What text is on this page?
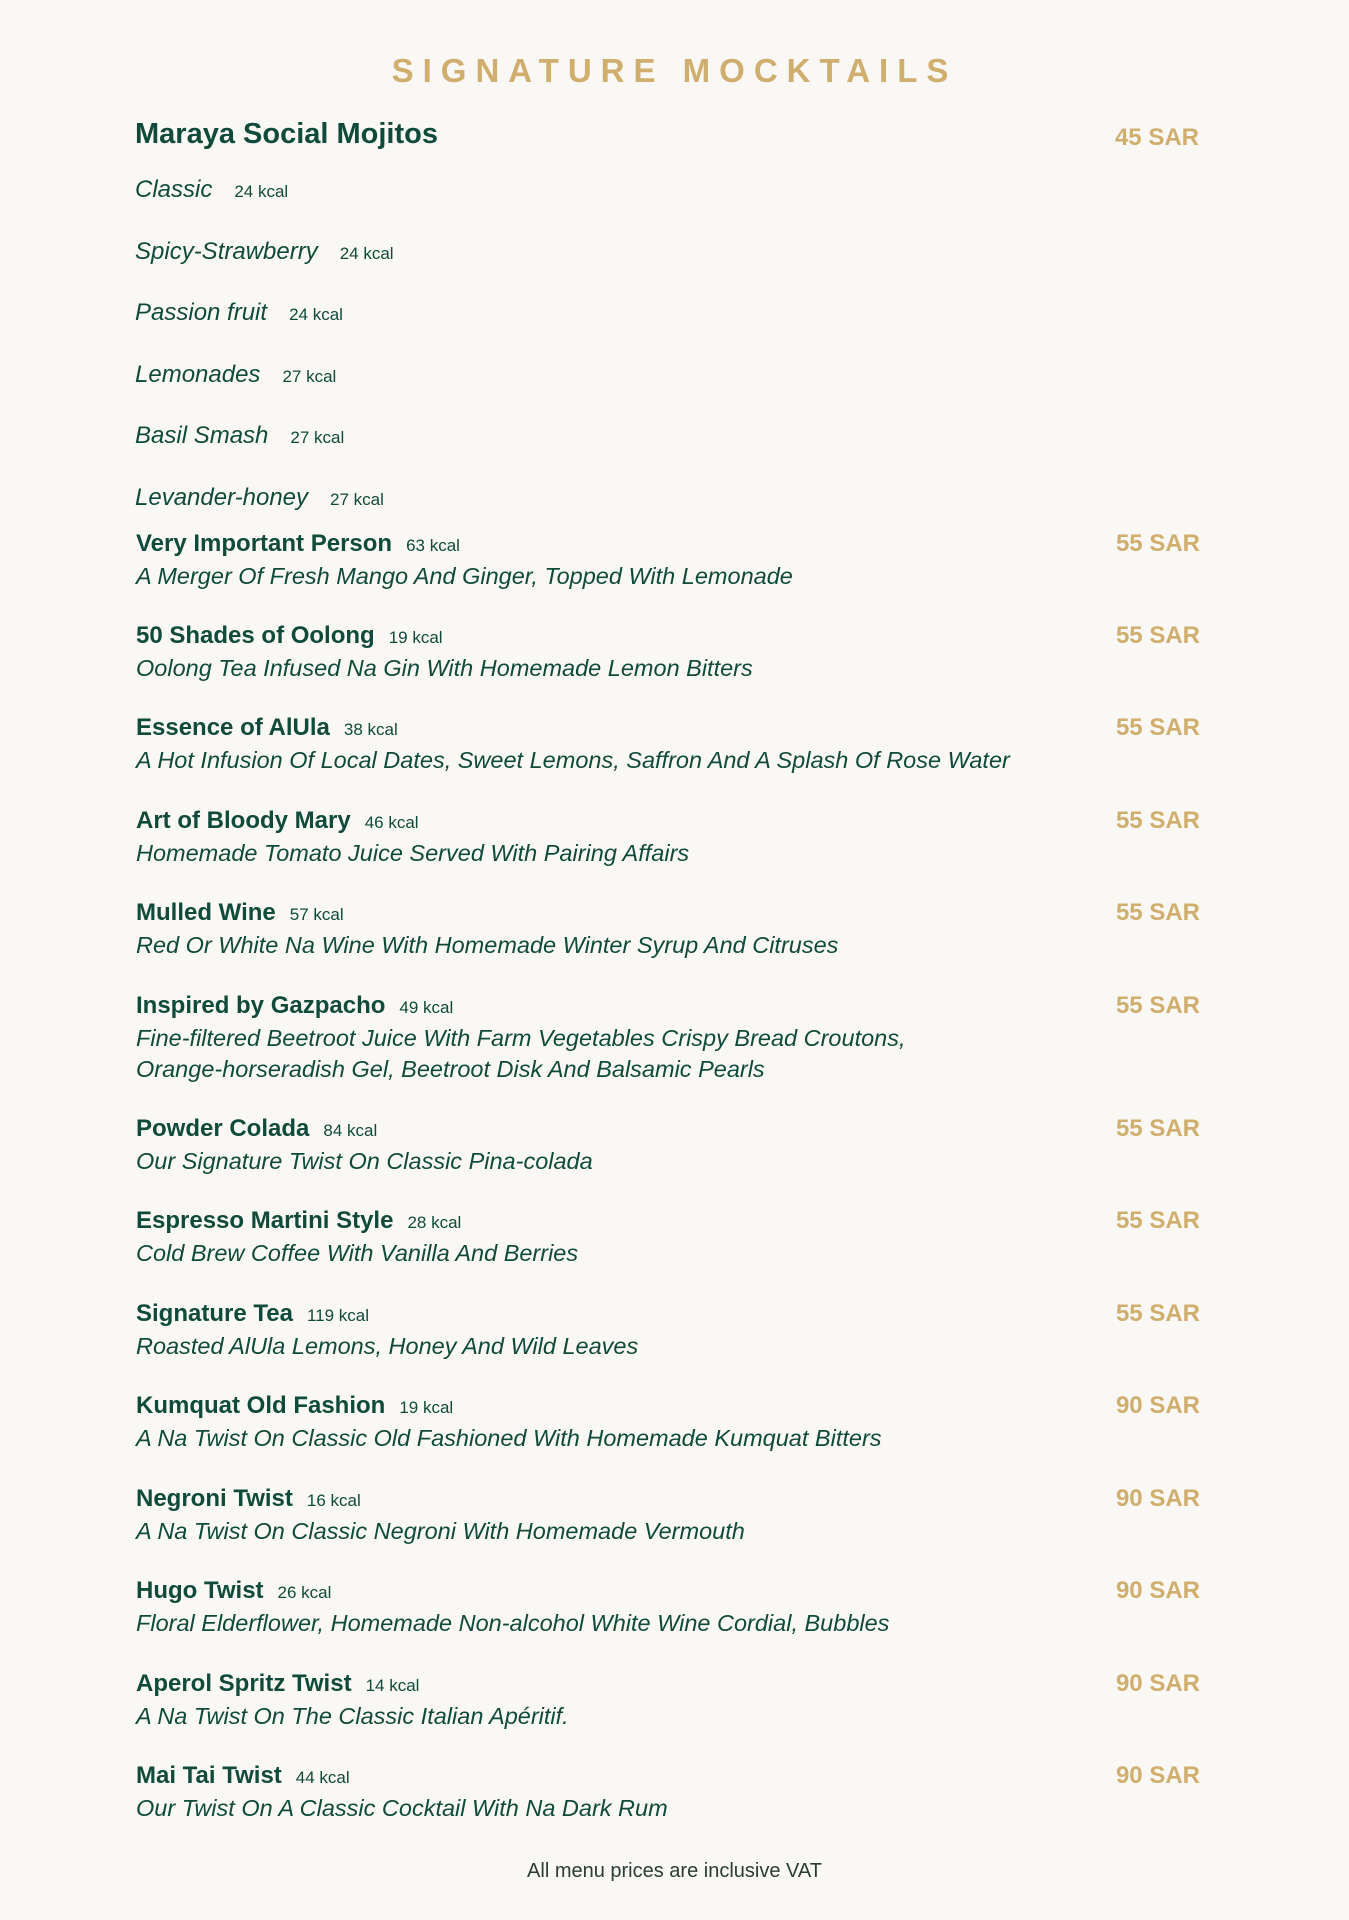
SIGNATURE MOCKTAILS
Maraya Social Mojitos	45 SAR
Classic 24 kcal
Spicy-Strawberry 24 kcal
Passion fruit 24 kcal
Lemonades 27 kcal
Basil Smash 27 kcal
Levander-honey 27 kcal
Very Important Person 63 kcal	55 SAR
A Merger Of Fresh Mango And Ginger, Topped With Lemonade
50 Shades of Oolong 19 kcal	55 SAR
Oolong Tea Infused Na Gin With Homemade Lemon Bitters
Essence of AlUla 38 kcal	55 SAR
A Hot Infusion Of Local Dates, Sweet Lemons, Saffron And A Splash Of Rose Water
Art of Bloody Mary 46 kcal	55 SAR
Homemade Tomato Juice Served With Pairing Affairs
Mulled Wine 57 kcal	55 SAR
Red Or White Na Wine With Homemade Winter Syrup And Citruses
Inspired by Gazpacho 49 kcal	55 SAR
Fine-filtered Beetroot Juice With Farm Vegetables Crispy Bread Croutons,
Orange-horseradish Gel, Beetroot Disk And Balsamic Pearls
Powder Colada 84 kcal	55 SAR
Our Signature Twist On Classic Pina-colada
Espresso Martini Style 28 kcal	55 SAR
Cold Brew Coffee With Vanilla And Berries
Signature Tea 119 kcal	55 SAR
Roasted AlUla Lemons, Honey And Wild Leaves
Kumquat Old Fashion 19 kcal	90 SAR
A Na Twist On Classic Old Fashioned With Homemade Kumquat Bitters
Negroni Twist 16 kcal	90 SAR
A Na Twist On Classic Negroni With Homemade Vermouth
Hugo Twist 26 kcal	90 SAR
Floral Elderflower, Homemade Non-alcohol White Wine Cordial, Bubbles
Aperol Spritz Twist 14 kcal	90 SAR
A Na Twist On The Classic Italian Apéritif.
Mai Tai Twist 44 kcal	90 SAR
Our Twist On A Classic Cocktail With Na Dark Rum
All menu prices are inclusive VAT
